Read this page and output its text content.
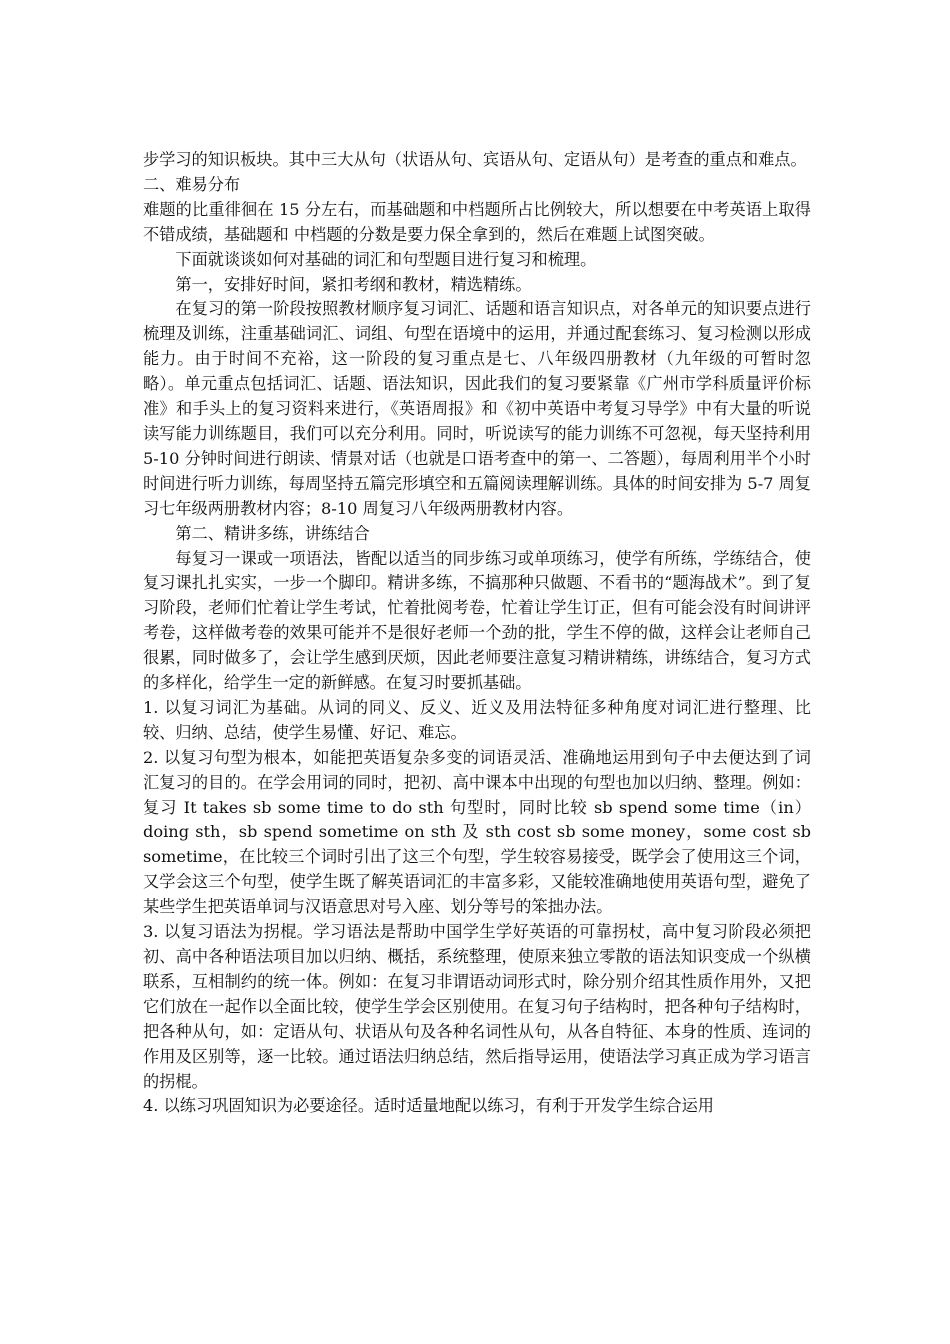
步学习的知识板块。其中三大从句（状语从句、宾语从句、定语从句）是考查的重点和难点。

二、难易分布

难题的比重徘徊在 15 分左右，而基础题和中档题所占比例较大，所以想要在中考英语上取得不错成绩，基础题和 中档题的分数是要力保全拿到的，然后在难题上试图突破。

下面就谈谈如何对基础的词汇和句型题目进行复习和梳理。

第一，安排好时间，紧扣考纲和教材，精选精练。

在复习的第一阶段按照教材顺序复习词汇、话题和语言知识点，对各单元的知识要点进行梳理及训练，注重基础词汇、词组、句型在语境中的运用，并通过配套练习、复习检测以形成能力。由于时间不充裕，这一阶段的复习重点是七、八年级四册教材（九年级的可暂时忽略）。单元重点包括词汇、话题、语法知识，因此我们的复习要紧靠《广州市学科质量评价标准》和手头上的复习资料来进行，《英语周报》和《初中英语中考复习导学》中有大量的听说读写能力训练题目，我们可以充分利用。同时，听说读写的能力训练不可忽视，每天坚持利用 5-10 分钟时间进行朗读、情景对话（也就是口语考查中的第一、二答题），每周利用半个小时时间进行听力训练，每周坚持五篇完形填空和五篇阅读理解训练。具体的时间安排为 5-7 周复习七年级两册教材内容；8-10 周复习八年级两册教材内容。

第二、精讲多练，讲练结合

每复习一课或一项语法，皆配以适当的同步练习或单项练习，使学有所练，学练结合，使复习课扎扎实实，一步一个脚印。精讲多练，不搞那种只做题、不看书的“题海战术”。到了复习阶段，老师们忙着让学生考试，忙着批阅考卷，忙着让学生订正，但有可能会没有时间讲评考卷，这样做考卷的效果可能并不是很好老师一个劲的批，学生不停的做，这样会让老师自己很累，同时做多了，会让学生感到厌烦，因此老师要注意复习精讲精练，讲练结合，复习方式的多样化，给学生一定的新鲜感。在复习时要抓基础。

1. 以复习词汇为基础。从词的同义、反义、近义及用法特征多种角度对词汇进行整理、比较、归纳、总结，使学生易懂、好记、难忘。

2. 以复习句型为根本，如能把英语复杂多变的词语灵活、准确地运用到句子中去便达到了词汇复习的目的。在学会用词的同时，把初、高中课本中出现的句型也加以归纳、整理。例如：复习 It takes sb some time to do sth 句型时，同时比较 sb spend some time（in）doing sth，sb spend sometime on sth 及 sth cost sb some money，some cost sb sometime，在比较三个词时引出了这三个句型，学生较容易接受，既学会了使用这三个词，又学会这三个句型，使学生既了解英语词汇的丰富多彩，又能较准确地使用英语句型，避免了某些学生把英语单词与汉语意思对号入座、划分等号的笨拙办法。

3. 以复习语法为拐棍。学习语法是帮助中国学生学好英语的可靠拐杖，高中复习阶段必须把初、高中各种语法项目加以归纳、概括，系统整理，使原来独立零散的语法知识变成一个纵横联系，互相制约的统一体。例如：在复习非谓语动词形式时，除分别介绍其性质作用外，又把它们放在一起作以全面比较，使学生学会区别使用。在复习句子结构时，把各种句子结构时，把各种从句，如：定语从句、状语从句及各种名词性从句，从各自特征、本身的性质、连词的作用及区别等，逐一比较。通过语法归纳总结，然后指导运用，使语法学习真正成为学习语言的拐棍。

4. 以练习巩固知识为必要途径。适时适量地配以练习，有利于开发学生综合运用
